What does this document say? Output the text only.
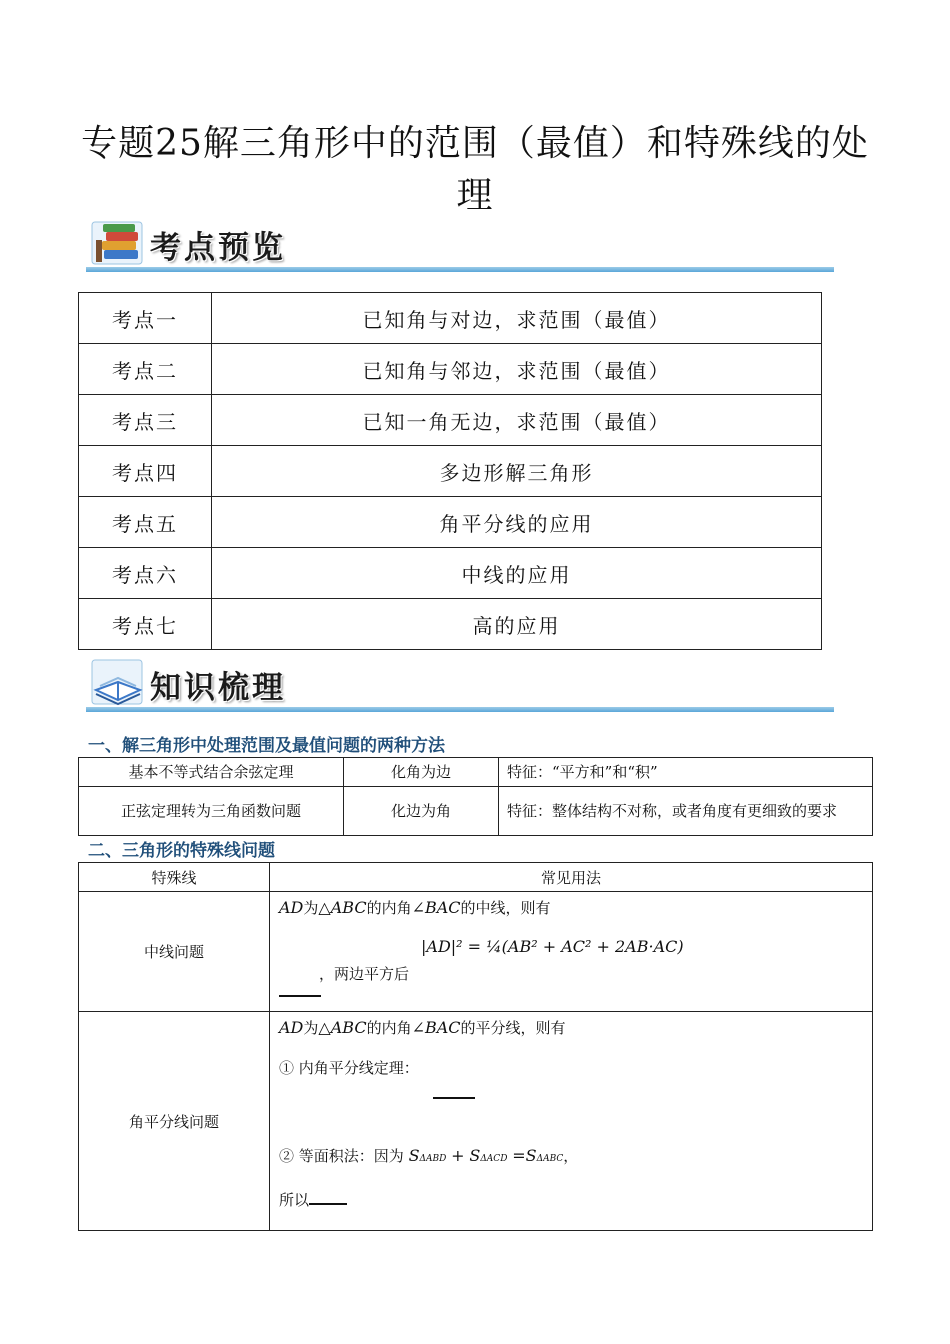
专题25解三角形中的范围（最值）和特殊线的处理
考点预览
考点一	已知角与对边，求范围（最值）
考点二	已知角与邻边，求范围（最值）
考点三	已知一角无边，求范围（最值）
考点四	多边形解三角形
考点五	角平分线的应用
考点六	中线的应用
考点七	高的应用
知识梳理
一、解三角形中处理范围及最值问题的两种方法
基本不等式结合余弦定理	化角为边	特征：“平方和”和“积”
正弦定理转为三角函数问题	化边为角	特征：整体结构不对称，或者角度有更细致的要求
二、三角形的特殊线问题
特殊线	常见用法
中线问题	AD为△ABC的内角∠BAC的中线，则有
|AD|² = ¼(AB² + AC² + 2AB·AC)
，两边平方后

角平分线问题	AD为△ABC的内角∠BAC的平分线，则有
① 内角平分线定理：
② 等面积法：因为 SΔABD + SΔACD =SΔABC，
所以
